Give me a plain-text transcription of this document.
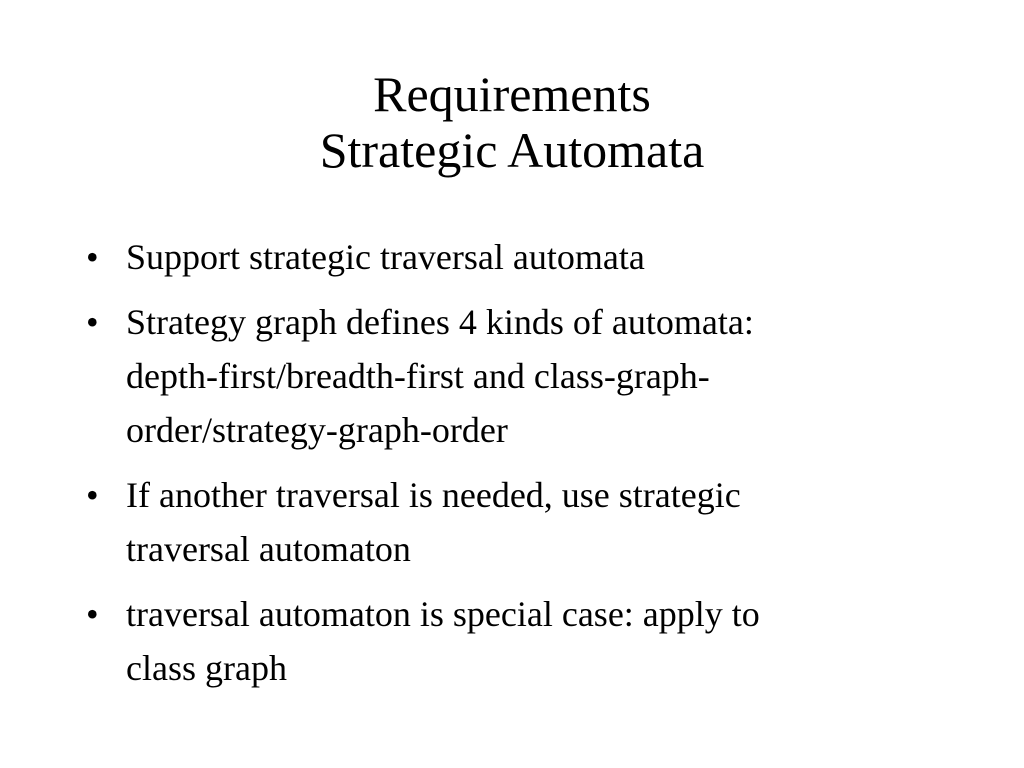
Requirements
Strategic Automata
• Support strategic traversal automata
• Strategy graph defines 4 kinds of automata:
depth-first/breadth-first and class-graph-
order/strategy-graph-order
• If another traversal is needed, use strategic
traversal automaton
• traversal automaton is special case: apply to
class graph
